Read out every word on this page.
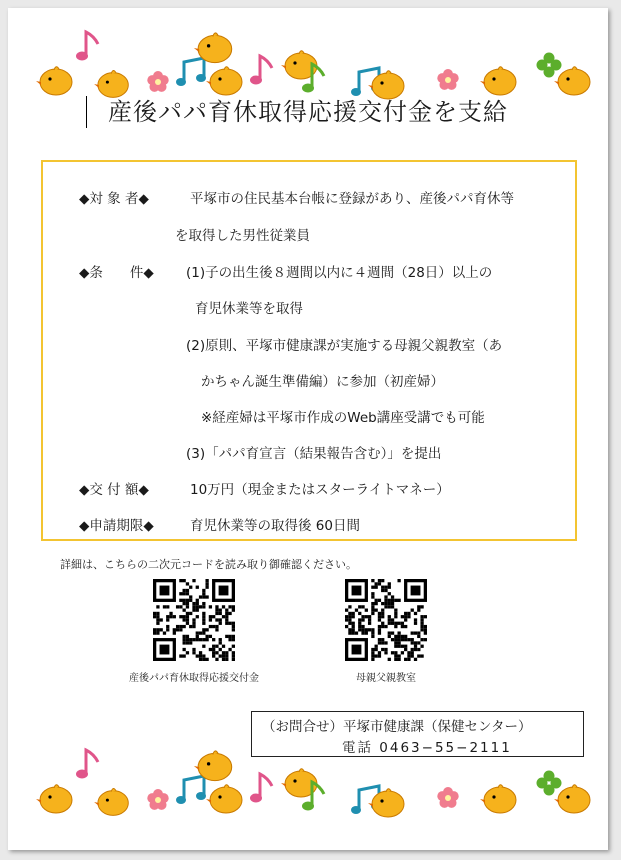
産後パパ育休取得応援交付金を支給
◆対 象 者◆	平塚市の住民基本台帳に登録があり、産後パパ育休等
を取得した男性従業員
◆条　　件◆ (1)子の出生後８週間以内に４週間（28日）以上の
育児休業等を取得
(2)原則、平塚市健康課が実施する母親父親教室（あ
かちゃん誕生準備編）に参加（初産婦）
※経産婦は平塚市作成のWeb講座受講でも可能
(3)「パパ育宣言（結果報告含む）」を提出
◆交 付 額◆	10万円（現金またはスターライトマネー）
◆申請期限◆	育児休業等の取得後 60日間
詳細は、こちらの二次元コードを読み取り御確認ください。
産後パパ育休取得応援交付金	母親父親教室
（お問合せ）平塚市健康課（保健センター）
電話 0463−55−2111
